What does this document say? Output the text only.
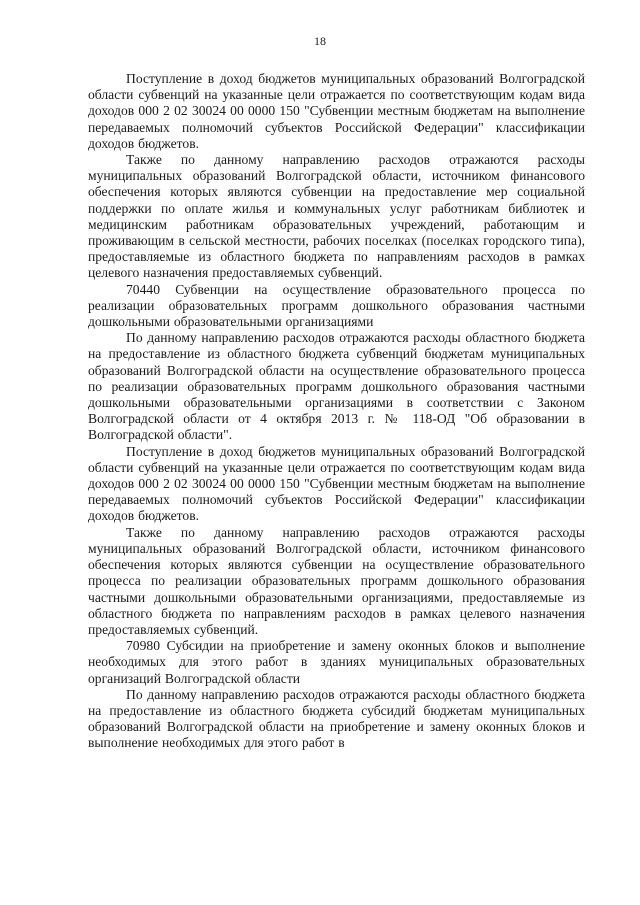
18

Поступление в доход бюджетов муниципальных образований Волгоградской области субвенций на указанные цели отражается по соответствующим кодам вида доходов 000 2 02 30024 00 0000 150 "Субвенции местным бюджетам на выполнение передаваемых полномочий субъектов Российской Федерации" классификации доходов бюджетов.

Также по данному направлению расходов отражаются расходы муниципальных образований Волгоградской области, источником финансового обеспечения которых являются субвенции на предоставление мер социальной поддержки по оплате жилья и коммунальных услуг работникам библиотек и медицинским работникам образовательных учреждений, работающим и проживающим в сельской местности, рабочих поселках (поселках городского типа), предоставляемые из областного бюджета по направлениям расходов в рамках целевого назначения предоставляемых субвенций.

70440 Субвенции на осуществление образовательного процесса по реализации образовательных программ дошкольного образования частными дошкольными образовательными организациями

По данному направлению расходов отражаются расходы областного бюджета на предоставление из областного бюджета субвенций бюджетам муниципальных образований Волгоградской области на осуществление образовательного процесса по реализации образовательных программ дошкольного образования частными дошкольными образовательными организациями в соответствии с Законом Волгоградской области от 4 октября 2013 г. № 118-ОД "Об образовании в Волгоградской области".

Поступление в доход бюджетов муниципальных образований Волгоградской области субвенций на указанные цели отражается по соответствующим кодам вида доходов 000 2 02 30024 00 0000 150 "Субвенции местным бюджетам на выполнение передаваемых полномочий субъектов Российской Федерации" классификации доходов бюджетов.

Также по данному направлению расходов отражаются расходы муниципальных образований Волгоградской области, источником финансового обеспечения которых являются субвенции на осуществление образовательного процесса по реализации образовательных программ дошкольного образования частными дошкольными образовательными организациями, предоставляемые из областного бюджета по направлениям расходов в рамках целевого назначения предоставляемых субвенций.

70980 Субсидии на приобретение и замену оконных блоков и выполнение необходимых для этого работ в зданиях муниципальных образовательных организаций Волгоградской области

По данному направлению расходов отражаются расходы областного бюджета на предоставление из областного бюджета субсидий бюджетам муниципальных образований Волгоградской области на приобретение и замену оконных блоков и выполнение необходимых для этого работ в
